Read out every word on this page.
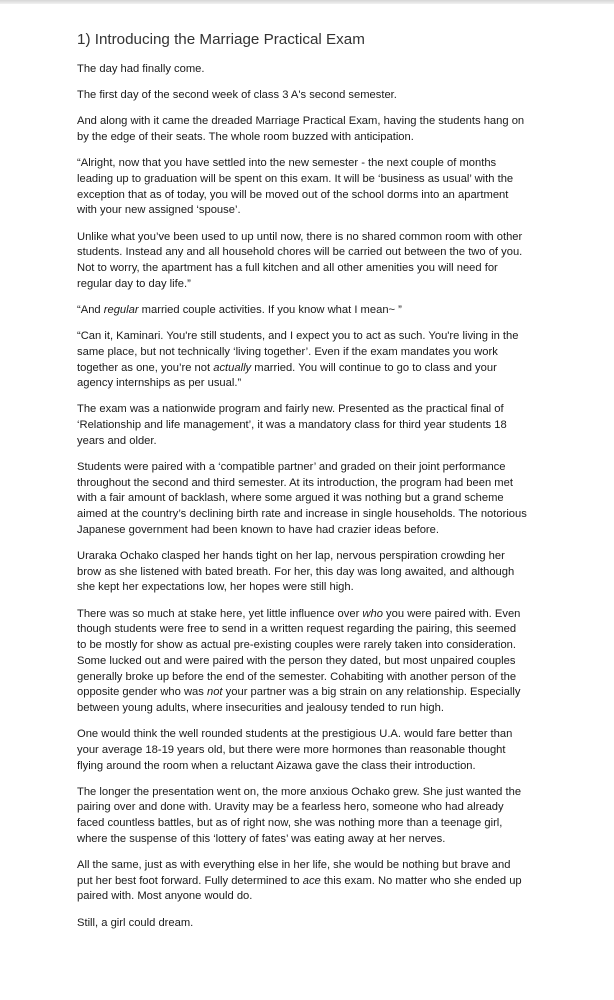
1) Introducing the Marriage Practical Exam

The day had finally come.

The first day of the second week of class 3 A's second semester.

And along with it came the dreaded Marriage Practical Exam, having the students hang on by the edge of their seats. The whole room buzzed with anticipation.

“Alright, now that you have settled into the new semester - the next couple of months leading up to graduation will be spent on this exam. It will be ‘business as usual’ with the exception that as of today, you will be moved out of the school dorms into an apartment with your new assigned ‘spouse’.

Unlike what you’ve been used to up until now, there is no shared common room with other students. Instead any and all household chores will be carried out between the two of you. Not to worry, the apartment has a full kitchen and all other amenities you will need for regular day to day life.”

“And regular married couple activities. If you know what I mean~ ”

“Can it, Kaminari. You're still students, and I expect you to act as such. You're living in the same place, but not technically ‘living together’. Even if the exam mandates you work together as one, you’re not actually married. You will continue to go to class and your agency internships as per usual.”

The exam was a nationwide program and fairly new. Presented as the practical final of ‘Relationship and life management’, it was a mandatory class for third year students 18 years and older.

Students were paired with a ‘compatible partner’ and graded on their joint performance throughout the second and third semester. At its introduction, the program had been met with a fair amount of backlash, where some argued it was nothing but a grand scheme aimed at the country’s declining birth rate and increase in single households. The notorious Japanese government had been known to have had crazier ideas before.

Uraraka Ochako clasped her hands tight on her lap, nervous perspiration crowding her brow as she listened with bated breath. For her, this day was long awaited, and although she kept her expectations low, her hopes were still high.

There was so much at stake here, yet little influence over who you were paired with. Even though students were free to send in a written request regarding the pairing, this seemed to be mostly for show as actual pre-existing couples were rarely taken into consideration. Some lucked out and were paired with the person they dated, but most unpaired couples generally broke up before the end of the semester. Cohabiting with another person of the opposite gender who was not your partner was a big strain on any relationship. Especially between young adults, where insecurities and jealousy tended to run high.

One would think the well rounded students at the prestigious U.A. would fare better than your average 18-19 years old, but there were more hormones than reasonable thought flying around the room when a reluctant Aizawa gave the class their introduction.

The longer the presentation went on, the more anxious Ochako grew. She just wanted the pairing over and done with. Uravity may be a fearless hero, someone who had already faced countless battles, but as of right now, she was nothing more than a teenage girl, where the suspense of this ‘lottery of fates’ was eating away at her nerves.

All the same, just as with everything else in her life, she would be nothing but brave and put her best foot forward. Fully determined to ace this exam. No matter who she ended up paired with. Most anyone would do.

Still, a girl could dream.
